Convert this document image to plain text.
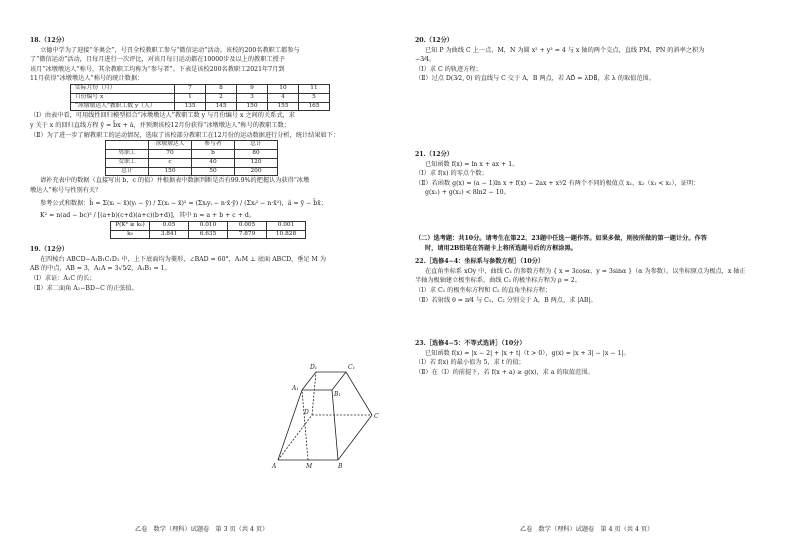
18.（12分）

立德中学为了迎接“冬奥会”，号召全校教职工参与“微信运动”活动。该校的200名教职工都参与

了“微信运动”活动，且每月进行一次评比，对该月每日运动都在10000步及以上的教职工授予

该月“冰墩墩达人”称号，其余教职工均称为“参与者”。下表是该校200名教职工2021年7月到

11月获得“冰墩墩达人”称号的统计数据：

实际月份（月）	7	8	9	10	11
月份编号 x	1	2	3	4	5
“冰墩墩达人”教职工数 y（人）	135	145	150	155	165

（Ⅰ）由表中看，可用线性回归模型拟合“冰墩墩达人”教职工数 y 与月份编号 x 之间的关系式，求

y 关于 x 的回归直线方程 ŷ = b̂x + â，并预测该校12月份获得“冰墩墩达人”称号的教职工数；

（Ⅱ）为了进一步了解教职工的运动情况，选取了该校部分教职工在12月份的运动数据进行分析，统计结果如下：

	冰墩墩达人	参与者	总计
男职工	70	b	80
女职工	c	40	120
总计	150	50	200

请补充表中的数据（直接写出 b，c 的值）并根据表中数据判断是否有99.9%的把握认为获得“冰墩

墩达人”称号与性别有关？

参考公式和数据：b̂ = Σ(xᵢ − x̄)(yᵢ − ȳ) / Σ(xᵢ − x̄)² = (Σxᵢyᵢ − n·x̄·ȳ) / (Σxᵢ² − n·x̄²)，â = ȳ − b̂x̄；

K² = n(ad − bc)² / [(a+b)(c+d)(a+c)(b+d)]，其中 n = a + b + c + d。

P(K² ≥ k₀)	0.05	0.010	0.005	0.001
k₀	3.841	6.635	7.879	10.828

19.（12分）

在四棱台 ABCD−A₁B₁C₁D₁ 中，上下底面均为菱形，∠BAD = 60°，A₁M ⊥ 底面 ABCD，垂足 M 为

AB 的中点，AB = 3，A₁A = 3√5⁄2，A₁B₁ = 1。

（Ⅰ）求证：A₁C 的长；

（Ⅱ）求二面角 A₁−BD−C 的正弦值。

D₁	C₁
A₁
B₁
D
C
A	M	B
乙卷　数学（理科）试题卷　第 3 页（共 4 页）

20.（12分）

已知 P 为曲线 C 上一点，M，N 为圆 x² + y² = 4 与 x 轴的两个交点，直线 PM，PN 的斜率之积为

−3⁄4。

（Ⅰ）求 C 的轨迹方程；

（Ⅱ）过点 D(3⁄2, 0) 的直线与 C 交于 A，B 两点，若 AD⃗ = λDB⃗，求 λ 的取值范围。

21.（12分）

已知函数 f(x) = ln x + ax + 1。

（Ⅰ）求 f(x) 的零点个数；

（Ⅱ）若函数 g(x) = (a − 1)ln x + f(x) − 2ax + x²⁄2 有两个不同的极值点 x₁，x₂（x₁ < x₂），证明：

g(x₁) + g(x₂) < 8ln2 − 10。

（二）选考题：共10分。请考生在第22、23题中任选一题作答。如果多做，则按所做的第一题计分。作答

时，请用2B铅笔在答题卡上将所选题号后的方框涂黑。

22.［选修4−4：坐标系与参数方程］（10分）

在直角坐标系 xOy 中，曲线 C₁ 的参数方程为 { x = 3cosα，y = 3sinα }（α 为参数）。以坐标原点为极点，x 轴正

半轴为极轴建立极坐标系，曲线 C₂ 的极坐标方程为 ρ = 2。

（Ⅰ）求 C₁ 的极坐标方程和 C₂ 的直角坐标方程；

（Ⅱ）若射线 θ = π⁄4 与 C₁，C₂ 分别交于 A，B 两点，求 |AB|。

23.［选修4−5：不等式选讲］（10分）

已知函数 f(x) = |x − 2| + |x + t|（t > 0），g(x) = |x + 3| − |x − 1|。

（Ⅰ）若 f(x) 的最小值为 5，求 t 的值；

（Ⅱ）在（Ⅰ）的前提下，若 f(x + a) ≥ g(x)，求 a 的取值范围。

乙卷　数学（理科）试题卷　第 4 页（共 4 页）
